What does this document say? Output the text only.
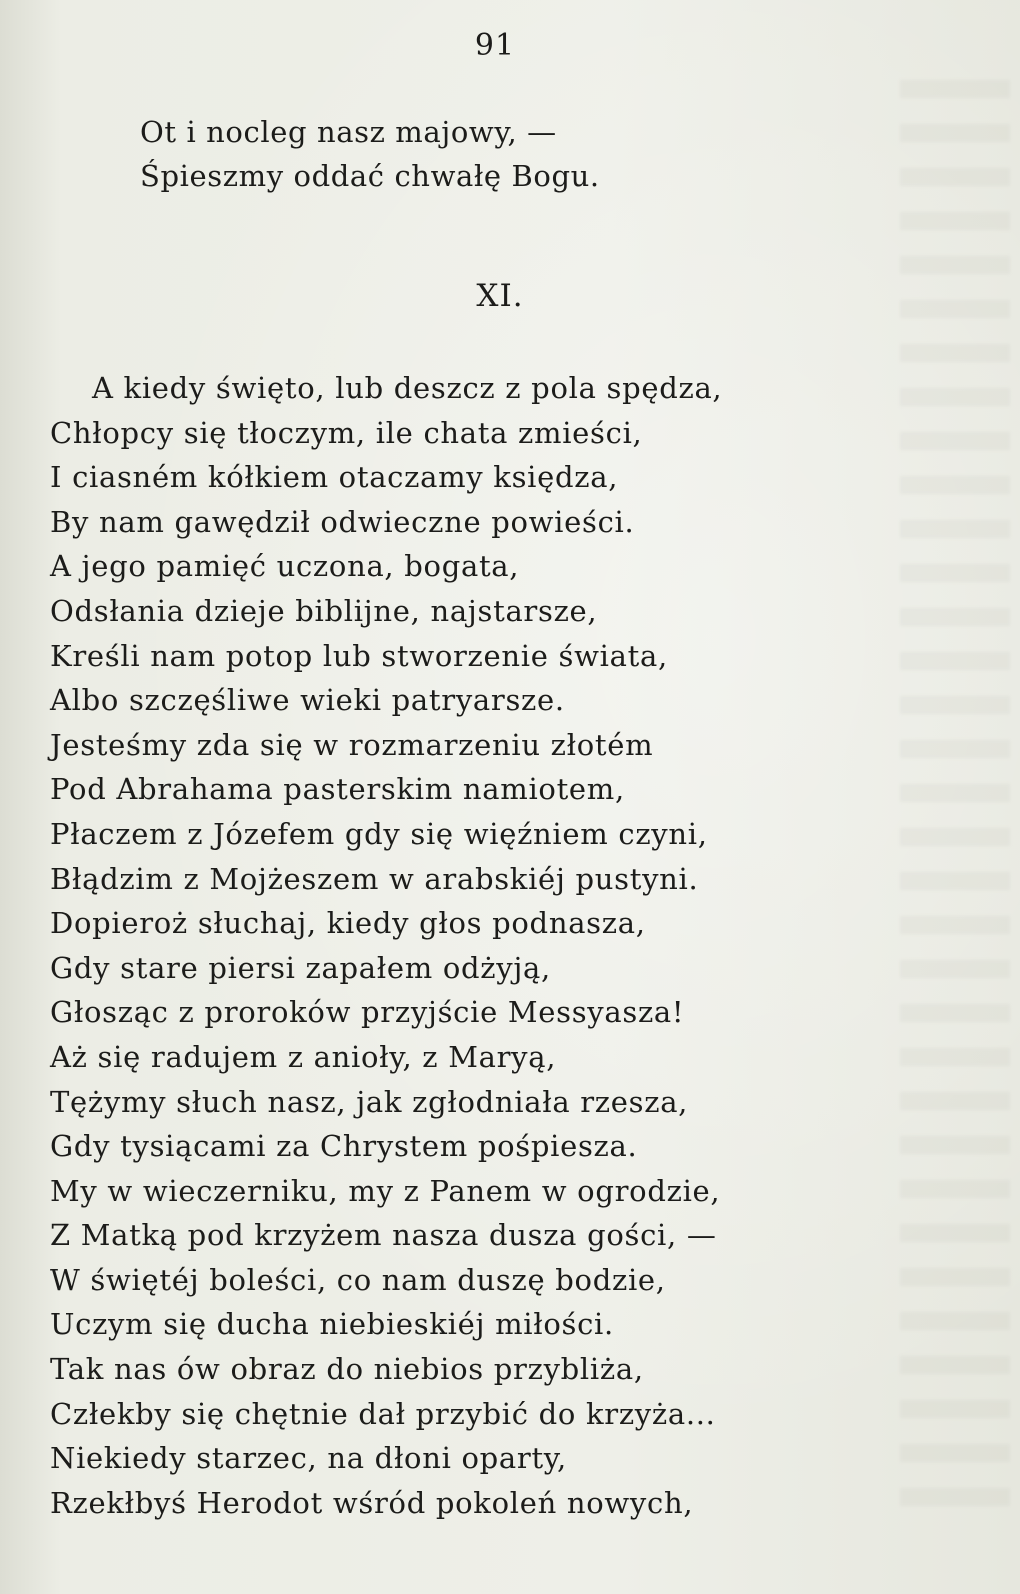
91
Ot i nocleg nasz majowy, —
Śpieszmy oddać chwałę Bogu.
XI.
A kiedy święto, lub deszcz z pola spędza,
Chłopcy się tłoczym, ile chata zmieści,
I ciasném kółkiem otaczamy księdza,
By nam gawędził odwieczne powieści.
A jego pamięć uczona, bogata,
Odsłania dzieje biblijne, najstarsze,
Kreśli nam potop lub stworzenie świata,
Albo szczęśliwe wieki patryarsze.
Jesteśmy zda się w rozmarzeniu złotém
Pod Abrahama pasterskim namiotem,
Płaczem z Józefem gdy się więźniem czyni,
Błądzim z Mojżeszem w arabskiéj pustyni.
Dopieroż słuchaj, kiedy głos podnasza,
Gdy stare piersi zapałem odżyją,
Głosząc z proroków przyjście Messyasza!
Aż się radujem z anioły, z Maryą,
Tężymy słuch nasz, jak zgłodniała rzesza,
Gdy tysiącami za Chrystem pośpiesza.
My w wieczerniku, my z Panem w ogrodzie,
Z Matką pod krzyżem nasza dusza gości, —
W świętéj boleści, co nam duszę bodzie,
Uczym się ducha niebieskiéj miłości.
Tak nas ów obraz do niebios przybliża,
Człekby się chętnie dał przybić do krzyża...
Niekiedy starzec, na dłoni oparty,
Rzekłbyś Herodot wśród pokoleń nowych,
